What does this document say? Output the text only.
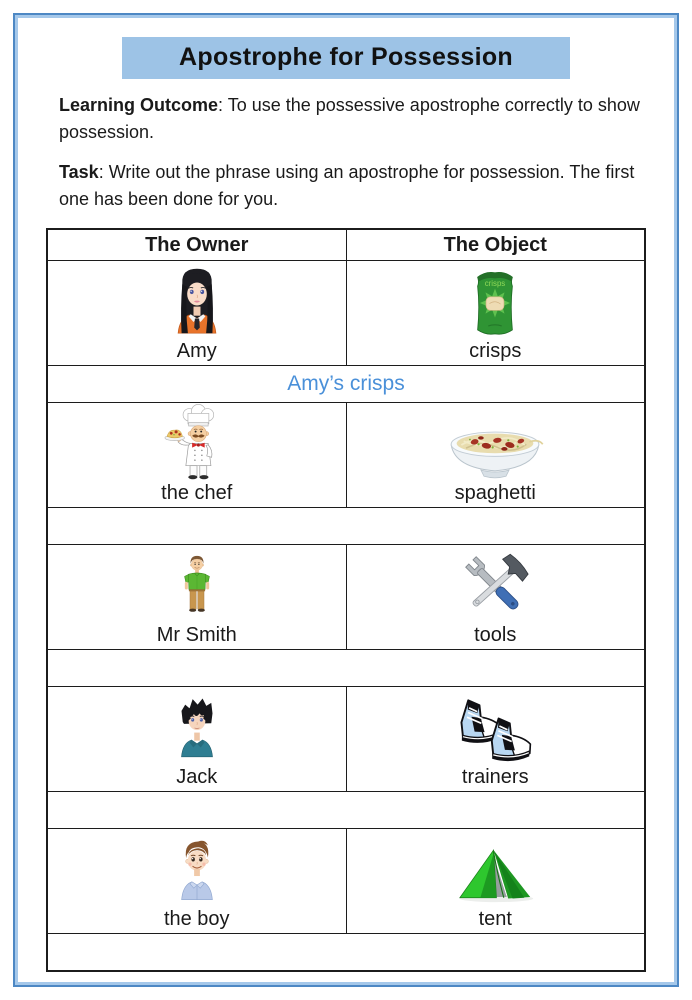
Apostrophe for Possession

Learning Outcome: To use the possessive apostrophe correctly to show possession.

Task: Write out the phrase using an apostrophe for possession. The first one has been done for you.

The Owner	The Object

Amy	crisps
crisps

Amy’s crisps	

the chef	spaghetti

Mr Smith	tools

Jack	trainers

the boy	tent
